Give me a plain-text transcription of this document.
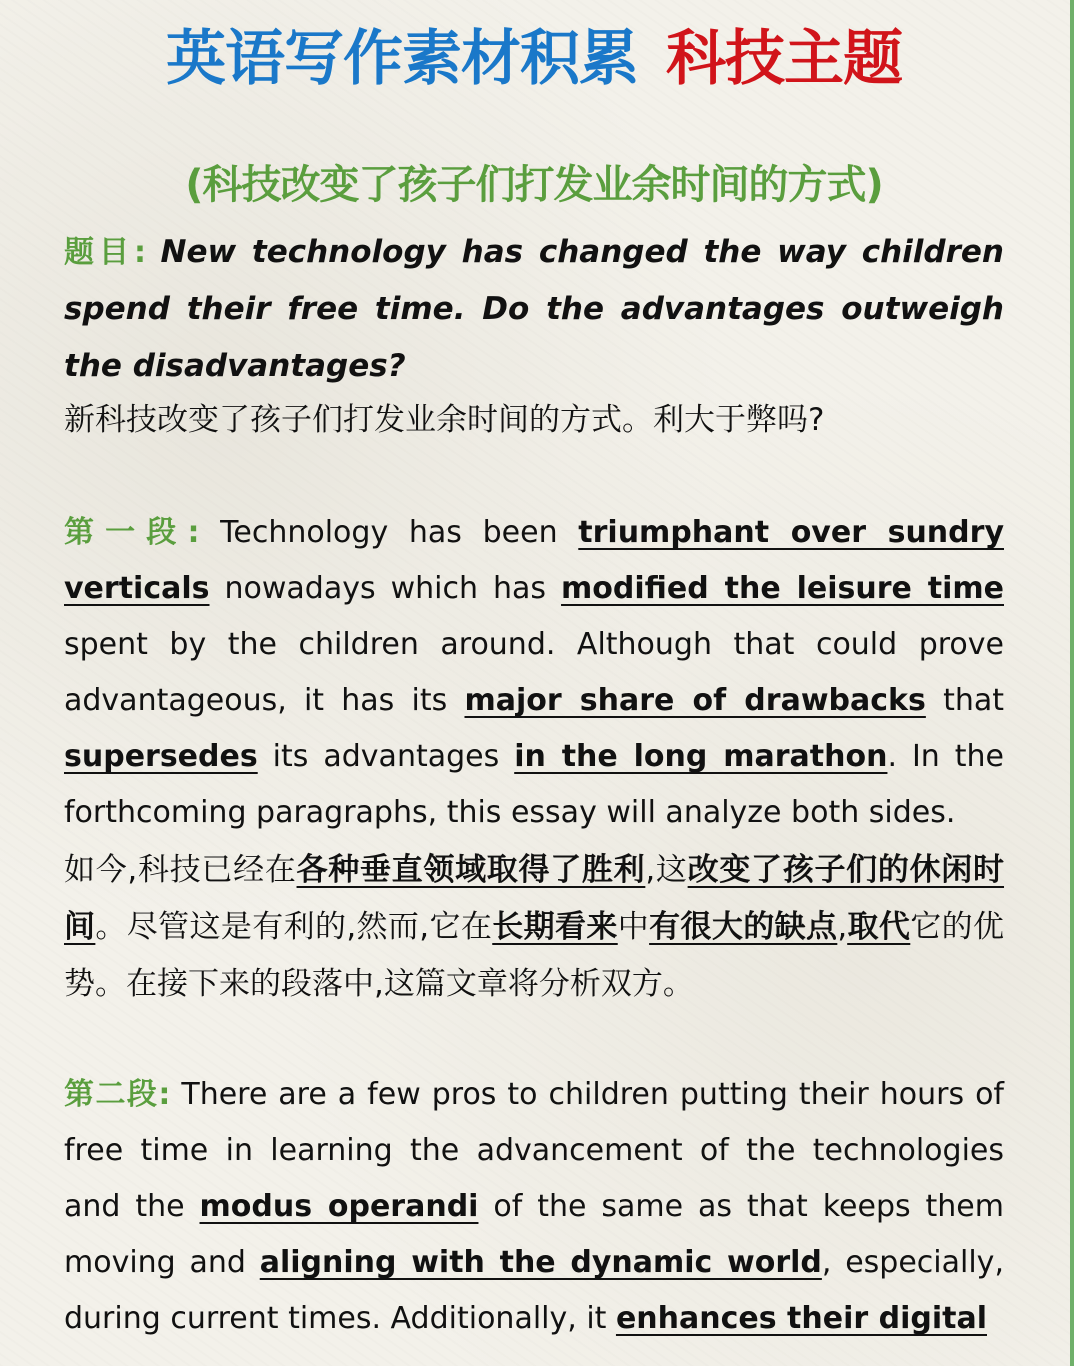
英语写作素材积累 科技主题
(科技改变了孩子们打发业余时间的方式)
题目: New technology has changed the way children spend their free time. Do the advantages outweigh the disadvantages?
新科技改变了孩子们打发业余时间的方式。利大于弊吗?
第一段: Technology has been triumphant over sundry verticals nowadays which has modified the leisure time spent by the children around. Although that could prove advantageous, it has its major share of drawbacks that supersedes its advantages in the long marathon. In the forthcoming paragraphs, this essay will analyze both sides.
如今,科技已经在各种垂直领域取得了胜利,这改变了孩子们的休闲时间。尽管这是有利的,然而,它在长期看来中有很大的缺点,取代它的优势。在接下来的段落中,这篇文章将分析双方。
第二段: There are a few pros to children putting their hours of free time in learning the advancement of the technologies and the modus operandi of the same as that keeps them moving and aligning with the dynamic world, especially, during current times. Additionally, it enhances their digital
